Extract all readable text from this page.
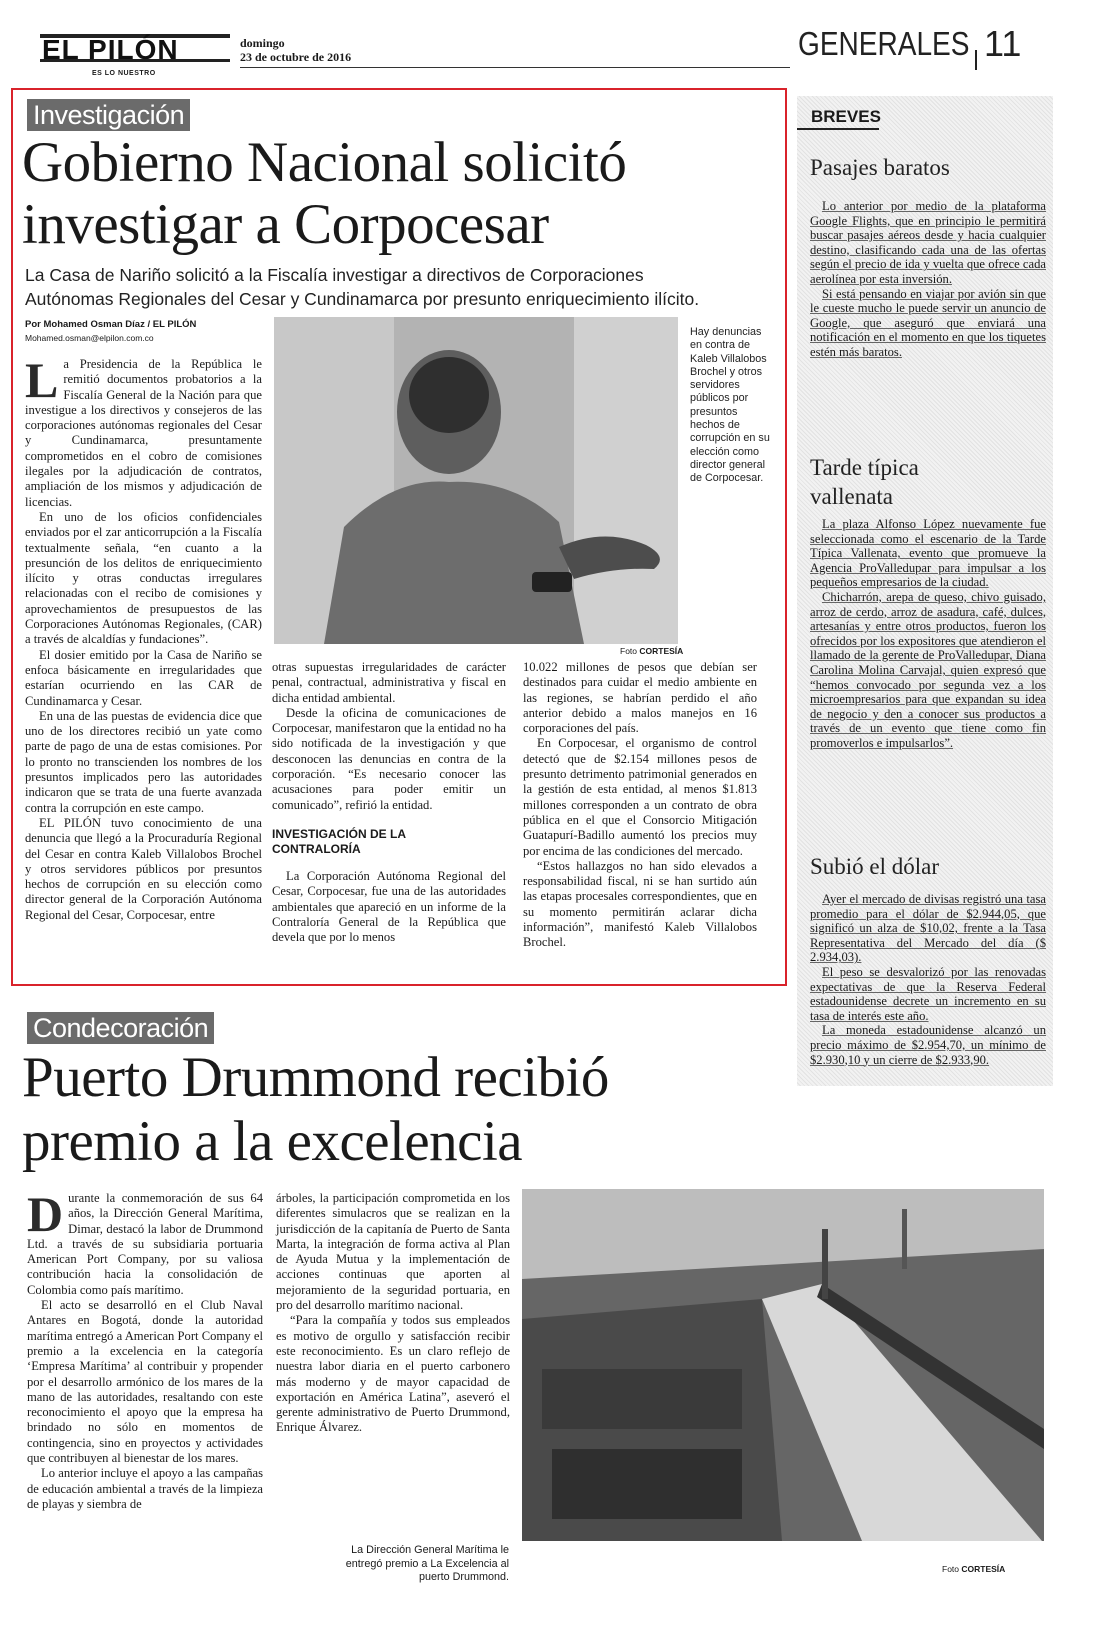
EL PILÓN
ES LO NUESTRO
domingo
23 de octubre de 2016	GENERALES 11
Investigación
Gobierno Nacional solicitó
investigar a Corpocesar
La Casa de Nariño solicitó a la Fiscalía investigar a directivos de Corporaciones
Autónomas Regionales del Cesar y Cundinamarca por presunto enriquecimiento ilícito.
Por Mohamed Osman Díaz / EL PILÓN
Mohamed.osman@elpilon.com.co	Hay denuncias en contra de Kaleb Villalobos Brochel y otros servidores públicos por presuntos hechos de corrupción en su elección como director general de Corpocesar.
Foto CORTESÍA
L a Presidencia de la República le remitió documentos probatorios a la Fiscalía General de la Nación para que investigue a los directivos y consejeros de las corporaciones autónomas regionales del Cesar y Cundinamarca, presuntamente comprometidos en el cobro de comisiones ilegales por la adjudicación de contratos, ampliación de los mismos y adjudicación de licencias.

En uno de los oficios confidenciales enviados por el zar anticorrupción a la Fiscalía textualmente señala, “en cuanto a la presunción de los delitos de enriquecimiento ilícito y otras conductas irregulares relacionadas con el recibo de comisiones y aprovechamientos de presupuestos de las Corporaciones Autónomas Regionales, (CAR) a través de alcaldías y fundaciones”.

El dosier emitido por la Casa de Nariño se enfoca básicamente en irregularidades que estarían ocurriendo en las CAR de Cundinamarca y Cesar.

En una de las puestas de evidencia dice que uno de los directores recibió un yate como parte de pago de una de estas comisiones. Por lo pronto no transcienden los nombres de los presuntos implicados pero las autoridades indicaron que se trata de una fuerte avanzada contra la corrupción en este campo.

EL PILÓN tuvo conocimiento de una denuncia que llegó a la Procuraduría Regional del Cesar en contra Kaleb Villalobos Brochel y otros servidores públicos por presuntos hechos de corrupción en su elección como director general de la Corporación Autónoma Regional del Cesar, Corpocesar, entre

otras supuestas irregularidades de carácter penal, contractual, administrativa y fiscal en dicha entidad ambiental.

Desde la oficina de comunicaciones de Corpocesar, manifestaron que la entidad no ha sido notificada de la investigación y que desconocen las denuncias en contra de la corporación. “Es necesario conocer las acusaciones para poder emitir un comunicado”, refirió la entidad.

INVESTIGACIÓN DE LA CONTRALORÍA

La Corporación Autónoma Regional del Cesar, Corpocesar, fue una de las autoridades ambientales que apareció en un informe de la Contraloría General de la República que devela que por lo menos

10.022 millones de pesos que debían ser destinados para cuidar el medio ambiente en las regiones, se habrían perdido el año anterior debido a malos manejos en 16 corporaciones del país.

En Corpocesar, el organismo de control detectó que de $2.154 millones pesos de presunto detrimento patrimonial generados en la gestión de esta entidad, al menos $1.813 millones corresponden a un contrato de obra pública en el que el Consorcio Mitigación Guatapurí-Badillo aumentó los precios muy por encima de las condiciones del mercado.

“Estos hallazgos no han sido elevados a responsabilidad fiscal, ni se han surtido aún las etapas procesales correspondientes, que en su momento permitirán aclarar dicha información”, manifestó Kaleb Villalobos Brochel.

BREVES
Pasajes baratos

Lo anterior por medio de la plataforma Google Flights, que en principio le permitirá buscar pasajes aéreos desde y hacia cualquier destino, clasificando cada una de las ofertas según el precio de ida y vuelta que ofrece cada aerolínea por esta inversión.

Si está pensando en viajar por avión sin que le cueste mucho le puede servir un anuncio de Google, que aseguró que enviará una notificación en el momento en que los tiquetes estén más baratos.

Tarde típica vallenata

La plaza Alfonso López nuevamente fue seleccionada como el escenario de la Tarde Típica Vallenata, evento que promueve la Agencia ProValledupar para impulsar a los pequeños empresarios de la ciudad.

Chicharrón, arepa de queso, chivo guisado, arroz de cerdo, arroz de asadura, café, dulces, artesanías y entre otros productos, fueron los ofrecidos por los expositores que atendieron el llamado de la gerente de ProValledupar, Diana Carolina Molina Carvajal, quien expresó que “hemos convocado por segunda vez a los microempresarios para que expandan su idea de negocio y den a conocer sus productos a través de un evento que tiene como fin promoverlos e impulsarlos”.

Subió el dólar

Ayer el mercado de divisas registró una tasa promedio para el dólar de $2.944,05, que significó un alza de $10,02, frente a la Tasa Representativa del Mercado del día ($ 2.934,03).

El peso se desvalorizó por las renovadas expectativas de que la Reserva Federal estadounidense decrete un incremento en su tasa de interés este año.

La moneda estadounidense alcanzó un precio máximo de $2.954,70, un mínimo de $2.930,10 y un cierre de $2.933,90.

Condecoración
Puerto Drummond recibió
premio a la excelencia
D urante la conmemoración de sus 64 años, la Dirección General Marítima, Dimar, destacó la labor de Drummond Ltd. a través de su subsidiaria portuaria American Port Company, por su valiosa contribución hacia la consolidación de Colombia como país marítimo.

El acto se desarrolló en el Club Naval Antares en Bogotá, donde la autoridad marítima entregó a American Port Company el premio a la excelencia en la categoría ‘Empresa Marítima’ al contribuir y propender por el desarrollo armónico de los mares de la mano de las autoridades, resaltando con este reconocimiento el apoyo que la empresa ha brindado no sólo en momentos de contingencia, sino en proyectos y actividades que contribuyen al bienestar de los mares.

Lo anterior incluye el apoyo a las campañas de educación ambiental a través de la limpieza de playas y siembra de

árboles, la participación comprometida en los diferentes simulacros que se realizan en la jurisdicción de la capitanía de Puerto de Santa Marta, la integración de forma activa al Plan de Ayuda Mutua y la implementación de acciones continuas que aporten al mejoramiento de la seguridad portuaria, en pro del desarrollo marítimo nacional.

“Para la compañía y todos sus empleados es motivo de orgullo y satisfacción recibir este reconocimiento. Es un claro reflejo de nuestra labor diaria en el puerto carbonero más moderno y de mayor capacidad de exportación en América Latina”, aseveró el gerente administrativo de Puerto Drummond, Enrique Álvarez.

La Dirección General Marítima le entregó premio a La Excelencia al puerto Drummond.
Foto CORTESÍA
